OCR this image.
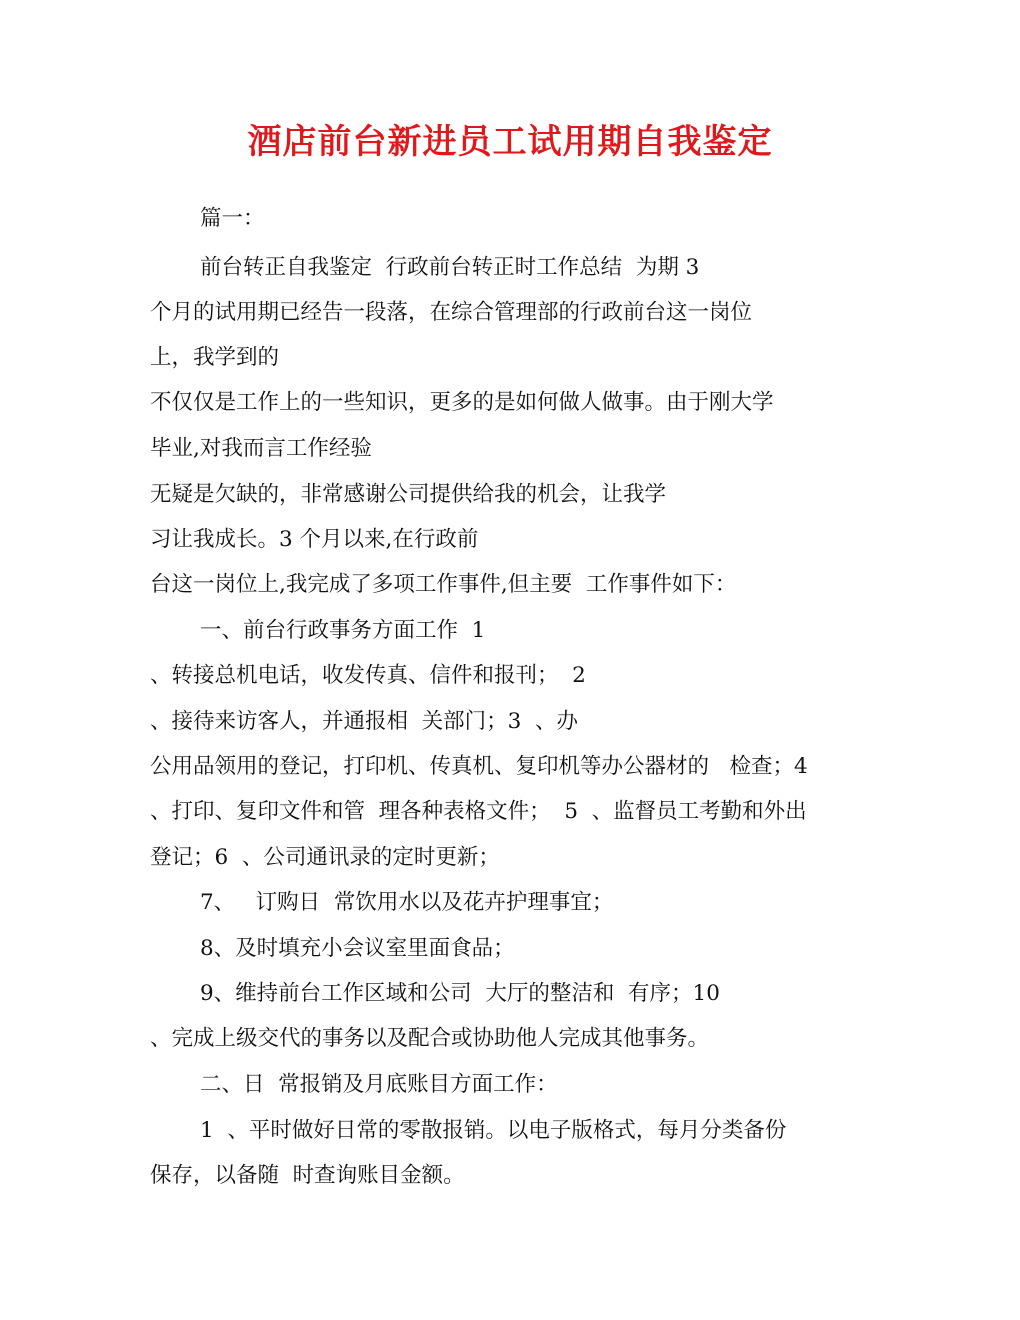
酒店前台新进员工试用期自我鉴定
篇一：
前台转正自我鉴定  行政前台转正时工作总结  为期 3
个月的试用期已经告一段落，在综合管理部的行政前台这一岗位
上，我学到的
不仅仅是工作上的一些知识，更多的是如何做人做事。由于刚大学
毕业,对我而言工作经验
无疑是欠缺的，非常感谢公司提供给我的机会，让我学
习让我成长。3 个月以来,在行政前
台这一岗位上,我完成了多项工作事件,但主要  工作事件如下：
一、前台行政事务方面工作  1
、转接总机电话，收发传真、信件和报刊；  2
、接待来访客人，并通报相  关部门；3  、办
公用品领用的登记，打印机、传真机、复印机等办公器材的   检查；4
、打印、复印文件和管  理各种表格文件；  5  、监督员工考勤和外出
登记；6  、公司通讯录的定时更新；
7、   订购日  常饮用水以及花卉护理事宜；
8、及时填充小会议室里面食品；
9、维持前台工作区域和公司  大厅的整洁和  有序；10
、完成上级交代的事务以及配合或协助他人完成其他事务。
二、日  常报销及月底账目方面工作：
1  、平时做好日常的零散报销。以电子版格式，每月分类备份
保存，以备随  时查询账目金额。
